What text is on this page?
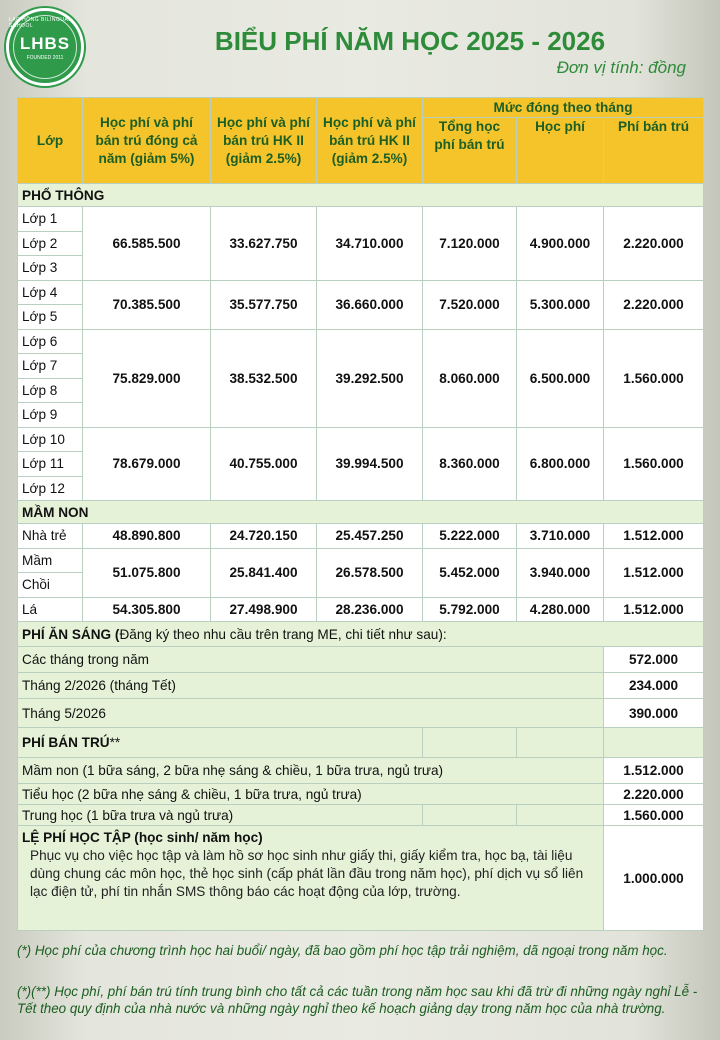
LẠC HỒNG BILINGUAL SCHOOL
LHBS
FOUNDED 2011
BIỂU PHÍ NĂM HỌC 2025 - 2026
Đơn vị tính: đồng
Lớp	Học phí và phí bán trú đóng cả năm (giảm 5%)	Học phí và phí bán trú HK II (giảm 2.5%)	Học phí và phí bán trú HK II (giảm 2.5%)	Mức đóng theo tháng		
				Tổng học phí bán trú	Học phí	Phí bán trú
PHỔ THÔNG						
Lớp 1	66.585.500	33.627.750	34.710.000	7.120.000	4.900.000	2.220.000
Lớp 2						
Lớp 3						
Lớp 4	70.385.500	35.577.750	36.660.000	7.520.000	5.300.000	2.220.000
Lớp 5						
Lớp 6	75.829.000	38.532.500	39.292.500	8.060.000	6.500.000	1.560.000
Lớp 7						
Lớp 8						
Lớp 9						
Lớp 10	78.679.000	40.755.000	39.994.500	8.360.000	6.800.000	1.560.000
Lớp 11						
Lớp 12						
MẦM NON						
Nhà trẻ	48.890.800	24.720.150	25.457.250	5.222.000	3.710.000	1.512.000
Mầm	51.075.800	25.841.400	26.578.500	5.452.000	3.940.000	1.512.000
Chồi						
Lá	54.305.800	27.498.900	28.236.000	5.792.000	4.280.000	1.512.000
PHÍ ĂN SÁNG (Đăng ký theo nhu cầu trên trang ME, chi tiết như sau):						
Các tháng trong năm						572.000
Tháng 2/2026 (tháng Tết)						234.000
Tháng 5/2026						390.000
PHÍ BÁN TRÚ**						
Mầm non (1 bữa sáng, 2 bữa nhẹ sáng & chiều, 1 bữa trưa, ngủ trưa)						1.512.000
Tiểu học (2 bữa nhẹ sáng & chiều, 1 bữa trưa, ngủ trưa)						2.220.000
Trung học (1 bữa trưa và ngủ trưa)						1.560.000

LỆ PHÍ HỌC TẬP (học sinh/ năm học)
Phục vụ cho việc học tập và làm hồ sơ học sinh như giấy thi, giấy kiểm tra, học bạ, tài liệu dùng chung các môn học, thẻ học sinh (cấp phát lần đầu trong năm học), phí dịch vụ sổ liên lạc điện tử, phí tin nhắn SMS thông báo các hoạt động của lớp, trường.						1.000.000
(*) Học phí của chương trình học hai buổi/ ngày, đã bao gồm phí học tập trải nghiệm, dã ngoại trong năm học.
(*)(**) Học phí, phí bán trú tính trung bình cho tất cả các tuần trong năm học sau khi đã trừ đi những ngày nghỉ Lễ - Tết theo quy định của nhà nước và những ngày nghỉ theo kế hoạch giảng dạy trong năm học của nhà trường.
